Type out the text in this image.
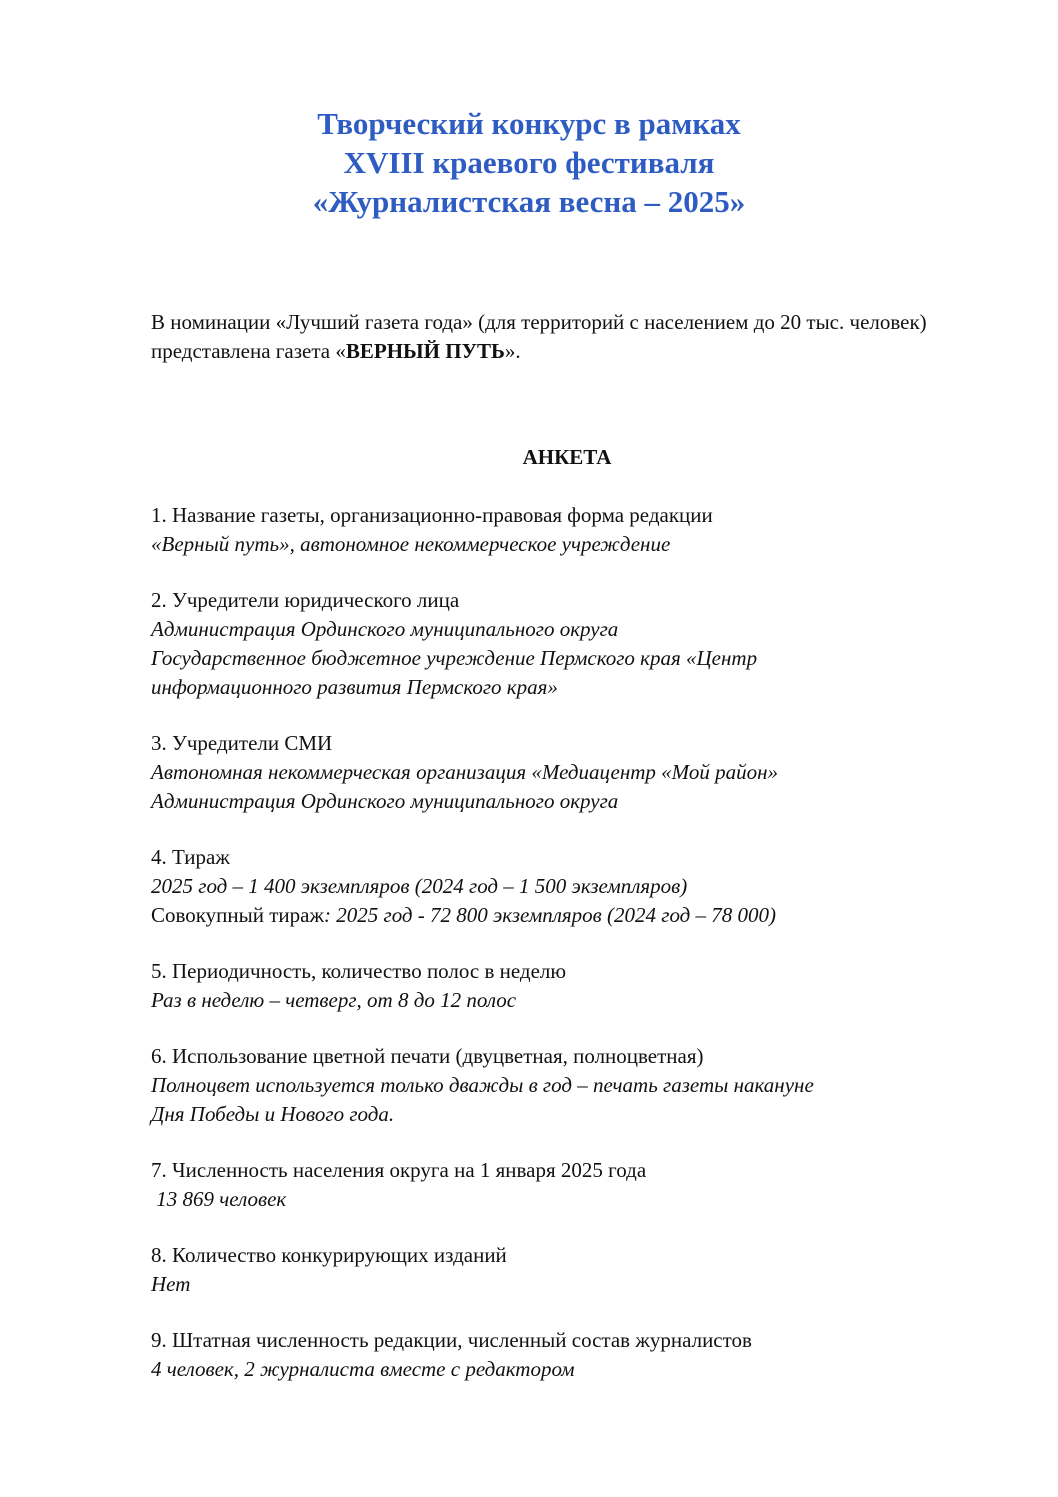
Творческий конкурс в рамках
XVIII краевого фестиваля
«Журналистская весна – 2025»
В номинации «Лучший газета года» (для территорий с населением до 20 тыс. человек) представлена газета «ВЕРНЫЙ ПУТЬ».
АНКЕТА
1. Название газеты, организационно-правовая форма редакции
«Верный путь», автономное некоммерческое учреждение
2. Учредители юридического лица
Администрация Ординского муниципального округа
Государственное бюджетное учреждение Пермского края «Центр
информационного развития Пермского края»
3. Учредители СМИ
Автономная некоммерческая организация «Медиацентр «Мой район»
Администрация Ординского муниципального округа
4. Тираж
2025 год – 1 400 экземпляров (2024 год – 1 500 экземпляров)
Совокупный тираж: 2025 год - 72 800 экземпляров (2024 год – 78 000)
5. Периодичность, количество полос в неделю
Раз в неделю – четверг, от 8 до 12 полос
6. Использование цветной печати (двуцветная, полноцветная)
Полноцвет используется только дважды в год – печать газеты накануне
Дня Победы и Нового года.
7. Численность населения округа на 1 января 2025 года
13 869 человек
8. Количество конкурирующих изданий
Нет
9. Штатная численность редакции, численный состав журналистов
4 человек, 2 журналиста вместе с редактором
